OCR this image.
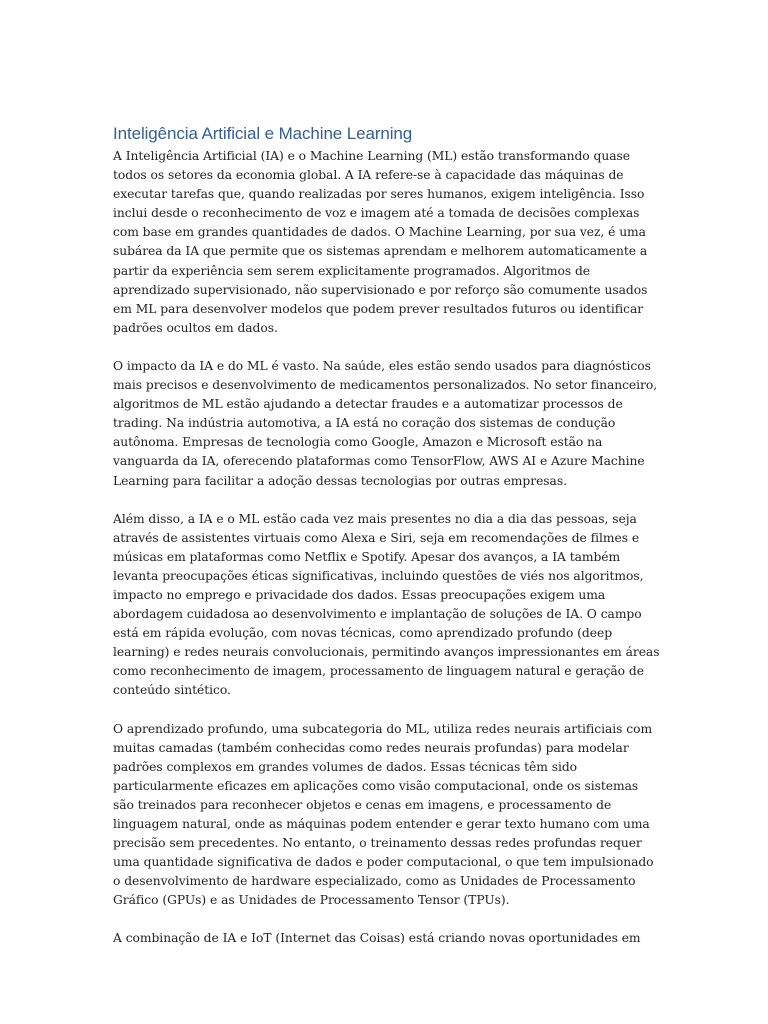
Inteligência Artificial e Machine Learning

A Inteligência Artificial (IA) e o Machine Learning (ML) estão transformando quase todos os setores da economia global. A IA refere-se à capacidade das máquinas de executar tarefas que, quando realizadas por seres humanos, exigem inteligência. Isso inclui desde o reconhecimento de voz e imagem até a tomada de decisões complexas com base em grandes quantidades de dados. O Machine Learning, por sua vez, é uma subárea da IA que permite que os sistemas aprendam e melhorem automaticamente a partir da experiência sem serem explicitamente programados. Algoritmos de aprendizado supervisionado, não supervisionado e por reforço são comumente usados em ML para desenvolver modelos que podem prever resultados futuros ou identificar padrões ocultos em dados.

O impacto da IA e do ML é vasto. Na saúde, eles estão sendo usados para diagnósticos mais precisos e desenvolvimento de medicamentos personalizados. No setor financeiro, algoritmos de ML estão ajudando a detectar fraudes e a automatizar processos de trading. Na indústria automotiva, a IA está no coração dos sistemas de condução autônoma. Empresas de tecnologia como Google, Amazon e Microsoft estão na vanguarda da IA, oferecendo plataformas como TensorFlow, AWS AI e Azure Machine Learning para facilitar a adoção dessas tecnologias por outras empresas.

Além disso, a IA e o ML estão cada vez mais presentes no dia a dia das pessoas, seja através de assistentes virtuais como Alexa e Siri, seja em recomendações de filmes e músicas em plataformas como Netflix e Spotify. Apesar dos avanços, a IA também levanta preocupações éticas significativas, incluindo questões de viés nos algoritmos, impacto no emprego e privacidade dos dados. Essas preocupações exigem uma abordagem cuidadosa ao desenvolvimento e implantação de soluções de IA. O campo está em rápida evolução, com novas técnicas, como aprendizado profundo (deep learning) e redes neurais convolucionais, permitindo avanços impressionantes em áreas como reconhecimento de imagem, processamento de linguagem natural e geração de conteúdo sintético.

O aprendizado profundo, uma subcategoria do ML, utiliza redes neurais artificiais com muitas camadas (também conhecidas como redes neurais profundas) para modelar padrões complexos em grandes volumes de dados. Essas técnicas têm sido particularmente eficazes em aplicações como visão computacional, onde os sistemas são treinados para reconhecer objetos e cenas em imagens, e processamento de linguagem natural, onde as máquinas podem entender e gerar texto humano com uma precisão sem precedentes. No entanto, o treinamento dessas redes profundas requer uma quantidade significativa de dados e poder computacional, o que tem impulsionado o desenvolvimento de hardware especializado, como as Unidades de Processamento Gráfico (GPUs) e as Unidades de Processamento Tensor (TPUs).

A combinação de IA e IoT (Internet das Coisas) está criando novas oportunidades em
